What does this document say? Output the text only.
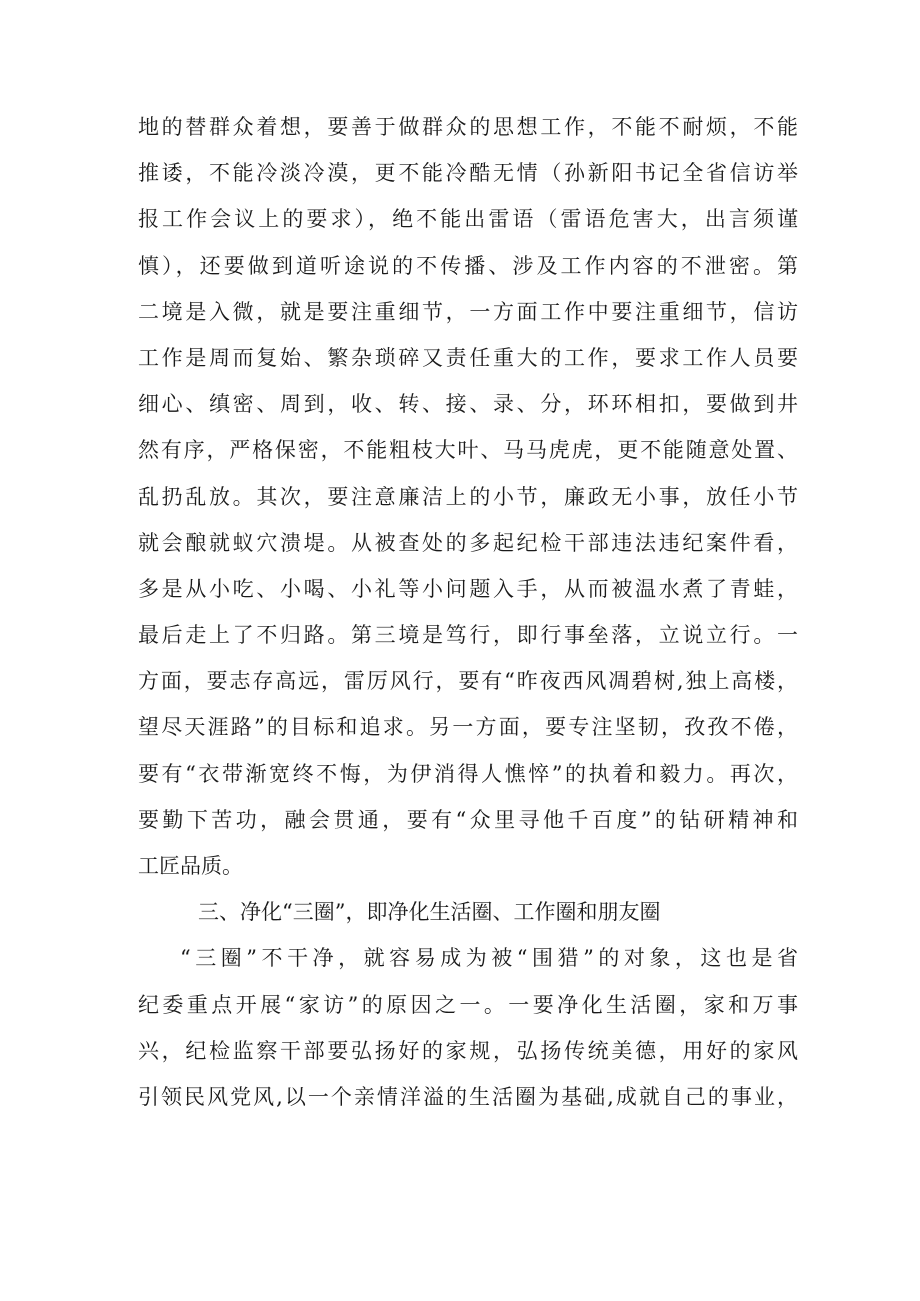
地的替群众着想，要善于做群众的思想工作，不能不耐烦，不能
推诿，不能冷淡冷漠，更不能冷酷无情（孙新阳书记全省信访举
报工作会议上的要求），绝不能出雷语（雷语危害大，出言须谨
慎），还要做到道听途说的不传播、涉及工作内容的不泄密。第
二境是入微，就是要注重细节，一方面工作中要注重细节，信访
工作是周而复始、繁杂琐碎又责任重大的工作，要求工作人员要
细心、缜密、周到，收、转、接、录、分，环环相扣，要做到井
然有序，严格保密，不能粗枝大叶、马马虎虎，更不能随意处置、
乱扔乱放。其次，要注意廉洁上的小节，廉政无小事，放任小节
就会酿就蚁穴溃堤。从被查处的多起纪检干部违法违纪案件看，
多是从小吃、小喝、小礼等小问题入手，从而被温水煮了青蛙，
最后走上了不归路。第三境是笃行，即行事垒落，立说立行。一
方面，要志存高远，雷厉风行，要有“昨夜西风凋碧树,独上高楼，
望尽天涯路”的目标和追求。另一方面，要专注坚韧，孜孜不倦，
要有“衣带渐宽终不悔，为伊消得人憔悴”的执着和毅力。再次，
要勤下苦功，融会贯通，要有“众里寻他千百度”的钻研精神和
工匠品质。
三、净化“三圈”，即净化生活圈、工作圈和朋友圈
“三圈”不干净，就容易成为被“围猎”的对象，这也是省
纪委重点开展“家访”的原因之一。一要净化生活圈，家和万事
兴，纪检监察干部要弘扬好的家规，弘扬传统美德，用好的家风
引领民风党风,以一个亲情洋溢的生活圈为基础,成就自己的事业，
